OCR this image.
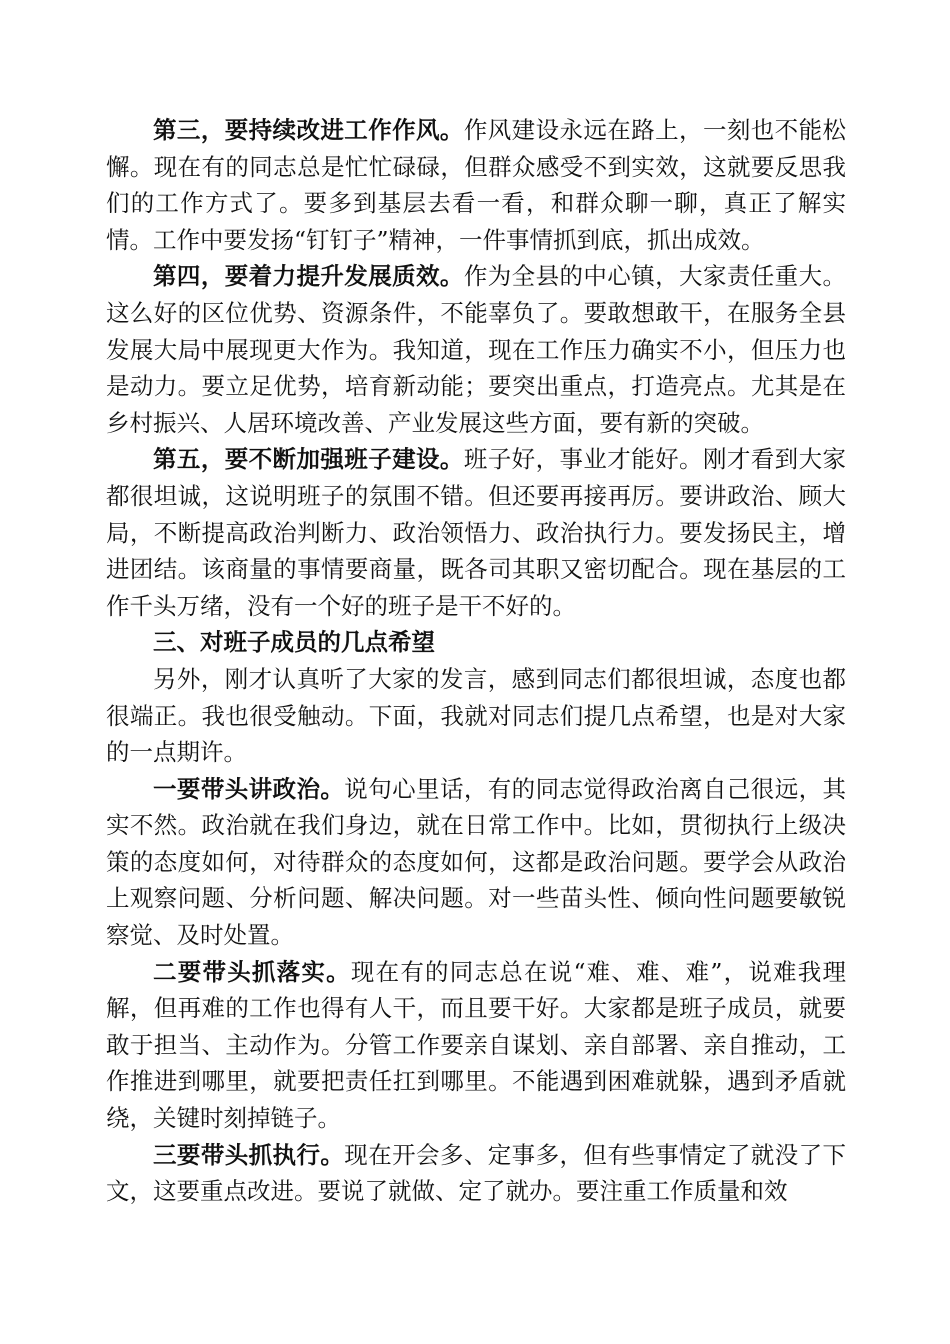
第三，要持续改进工作作风。作风建设永远在路上，一刻也不能松懈。现在有的同志总是忙忙碌碌，但群众感受不到实效，这就要反思我们的工作方式了。要多到基层去看一看，和群众聊一聊，真正了解实情。工作中要发扬“钉钉子”精神，一件事情抓到底，抓出成效。

第四，要着力提升发展质效。作为全县的中心镇，大家责任重大。这么好的区位优势、资源条件，不能辜负了。要敢想敢干，在服务全县发展大局中展现更大作为。我知道，现在工作压力确实不小，但压力也是动力。要立足优势，培育新动能；要突出重点，打造亮点。尤其是在乡村振兴、人居环境改善、产业发展这些方面，要有新的突破。

第五，要不断加强班子建设。班子好，事业才能好。刚才看到大家都很坦诚，这说明班子的氛围不错。但还要再接再厉。要讲政治、顾大局，不断提高政治判断力、政治领悟力、政治执行力。要发扬民主，增进团结。该商量的事情要商量，既各司其职又密切配合。现在基层的工作千头万绪，没有一个好的班子是干不好的。

三、对班子成员的几点希望

另外，刚才认真听了大家的发言，感到同志们都很坦诚，态度也都很端正。我也很受触动。下面，我就对同志们提几点希望，也是对大家的一点期许。

一要带头讲政治。说句心里话，有的同志觉得政治离自己很远，其实不然。政治就在我们身边，就在日常工作中。比如，贯彻执行上级决策的态度如何，对待群众的态度如何，这都是政治问题。要学会从政治上观察问题、分析问题、解决问题。对一些苗头性、倾向性问题要敏锐察觉、及时处置。

二要带头抓落实。现在有的同志总在说“难、难、难”，说难我理解，但再难的工作也得有人干，而且要干好。大家都是班子成员，就要敢于担当、主动作为。分管工作要亲自谋划、亲自部署、亲自推动，工作推进到哪里，就要把责任扛到哪里。不能遇到困难就躲，遇到矛盾就绕，关键时刻掉链子。

三要带头抓执行。现在开会多、定事多，但有些事情定了就没了下文，这要重点改进。要说了就做、定了就办。要注重工作质量和效
